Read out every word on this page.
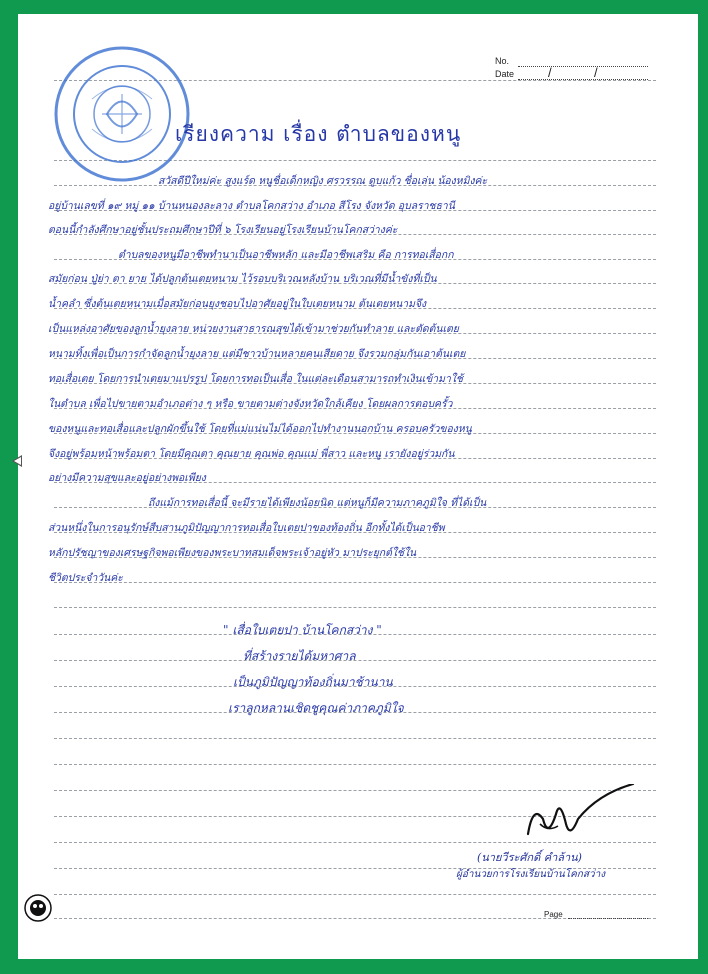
No.
Date	/	/
เรียงความ เรื่อง ตำบลของหนู
สวัสดีปีใหม่ค่ะ สูงแร์ด หนูชื่อเด็กหญิง ศรวรรณ ดูบแก้ว ชื่อเล่น น้องหมิงค่ะ
อยู่บ้านเลขที่ ๑๙ หมู่ ๑๑ บ้านหนองละลาง ตำบลโคกสว่าง อำเภอ สีโรง จังหวัด อุบลราชธานี
ตอนนี้กำลังศึกษาอยู่ชั้นประถมศึกษาปีที่ ๖ โรงเรียนอยู่โรงเรียนบ้านโคกสว่างค่ะ
ตำบลของหนูมีอาชีพทำนาเป็นอาชีพหลัก และมีอาชีพเสริม คือ การทอเสื่อกก
สมัยก่อน ปู่ย่า ตา ยาย ได้ปลูกต้นเตยหนาม ไว้รอบบริเวณหลังบ้าน บริเวณที่มีน้ำขังที่เป็น
น้ำคลำ ซึ่งต้นเตยหนามเมื่อสมัยก่อนยุงชอบไปอาศัยอยู่ในใบเตยหนาม ต้นเตยหนามจึง
เป็นแหล่งอาศัยของลูกน้ำยุงลาย หน่วยงานสาธารณสุขได้เข้ามาช่วยกันทำลาย และตัดต้นเตย
หนามทิ้งเพื่อเป็นการกำจัดลูกน้ำยุงลาย แต่มีชาวบ้านหลายคนเสียดาย จึงรวมกลุ่มกันเอาต้นเตย
ทอเสื่อเตย โดยการนำเตยมาแปรรูป โดยการทอเป็นเสื่อ ในแต่ละเดือนสามารถทำเงินเข้ามาใช้
ในตำบล เพื่อไปขายตามอำเภอต่าง ๆ หรือ ขายตามต่างจังหวัดใกล้เคียง โดยผลการตอบครั้ว
ของหนูและทอเสื่อและปลูกผักขึ้นใช้ โดยที่แม่แน่นไม่ได้ออกไปทำงานนอกบ้าน ครอบครัวของหนู
จึงอยู่พร้อมหน้าพร้อมตา โดยมีคุณตา คุณยาย คุณพ่อ คุณแม่ พี่สาว และหนู เรายังอยู่ร่วมกัน
อย่างมีความสุขและอยู่อย่างพอเพียง
ถึงแม้การทอเสื่อนี้ จะมีรายได้เพียงน้อยนิด แต่หนูก็มีความภาคภูมิใจ ที่ได้เป็น
ส่วนหนึ่งในการอนุรักษ์สืบสานภูมิปัญญาการทอเสื่อใบเตยปาของท้องถิ่น อีกทั้งได้เป็นอาชีพ
หลักปรัชญาของเศรษฐกิจพอเพียงของพระบาทสมเด็จพระเจ้าอยู่หัว มาประยุกต์ใช้ใน
ชีวิตประจำวันค่ะ
" เสื่อใบเตยปา บ้านโคกสว่าง "
ที่สร้างรายได้มหาศาล
เป็นภูมิปัญญาท้องถิ่นมาช้านาน
เราลูกหลานเชิดชูคุณค่าภาคภูมิใจ
(นายวีระศักดิ์ คำล้าน)
ผู้อำนวยการโรงเรียนบ้านโคกสว่าง
Page
